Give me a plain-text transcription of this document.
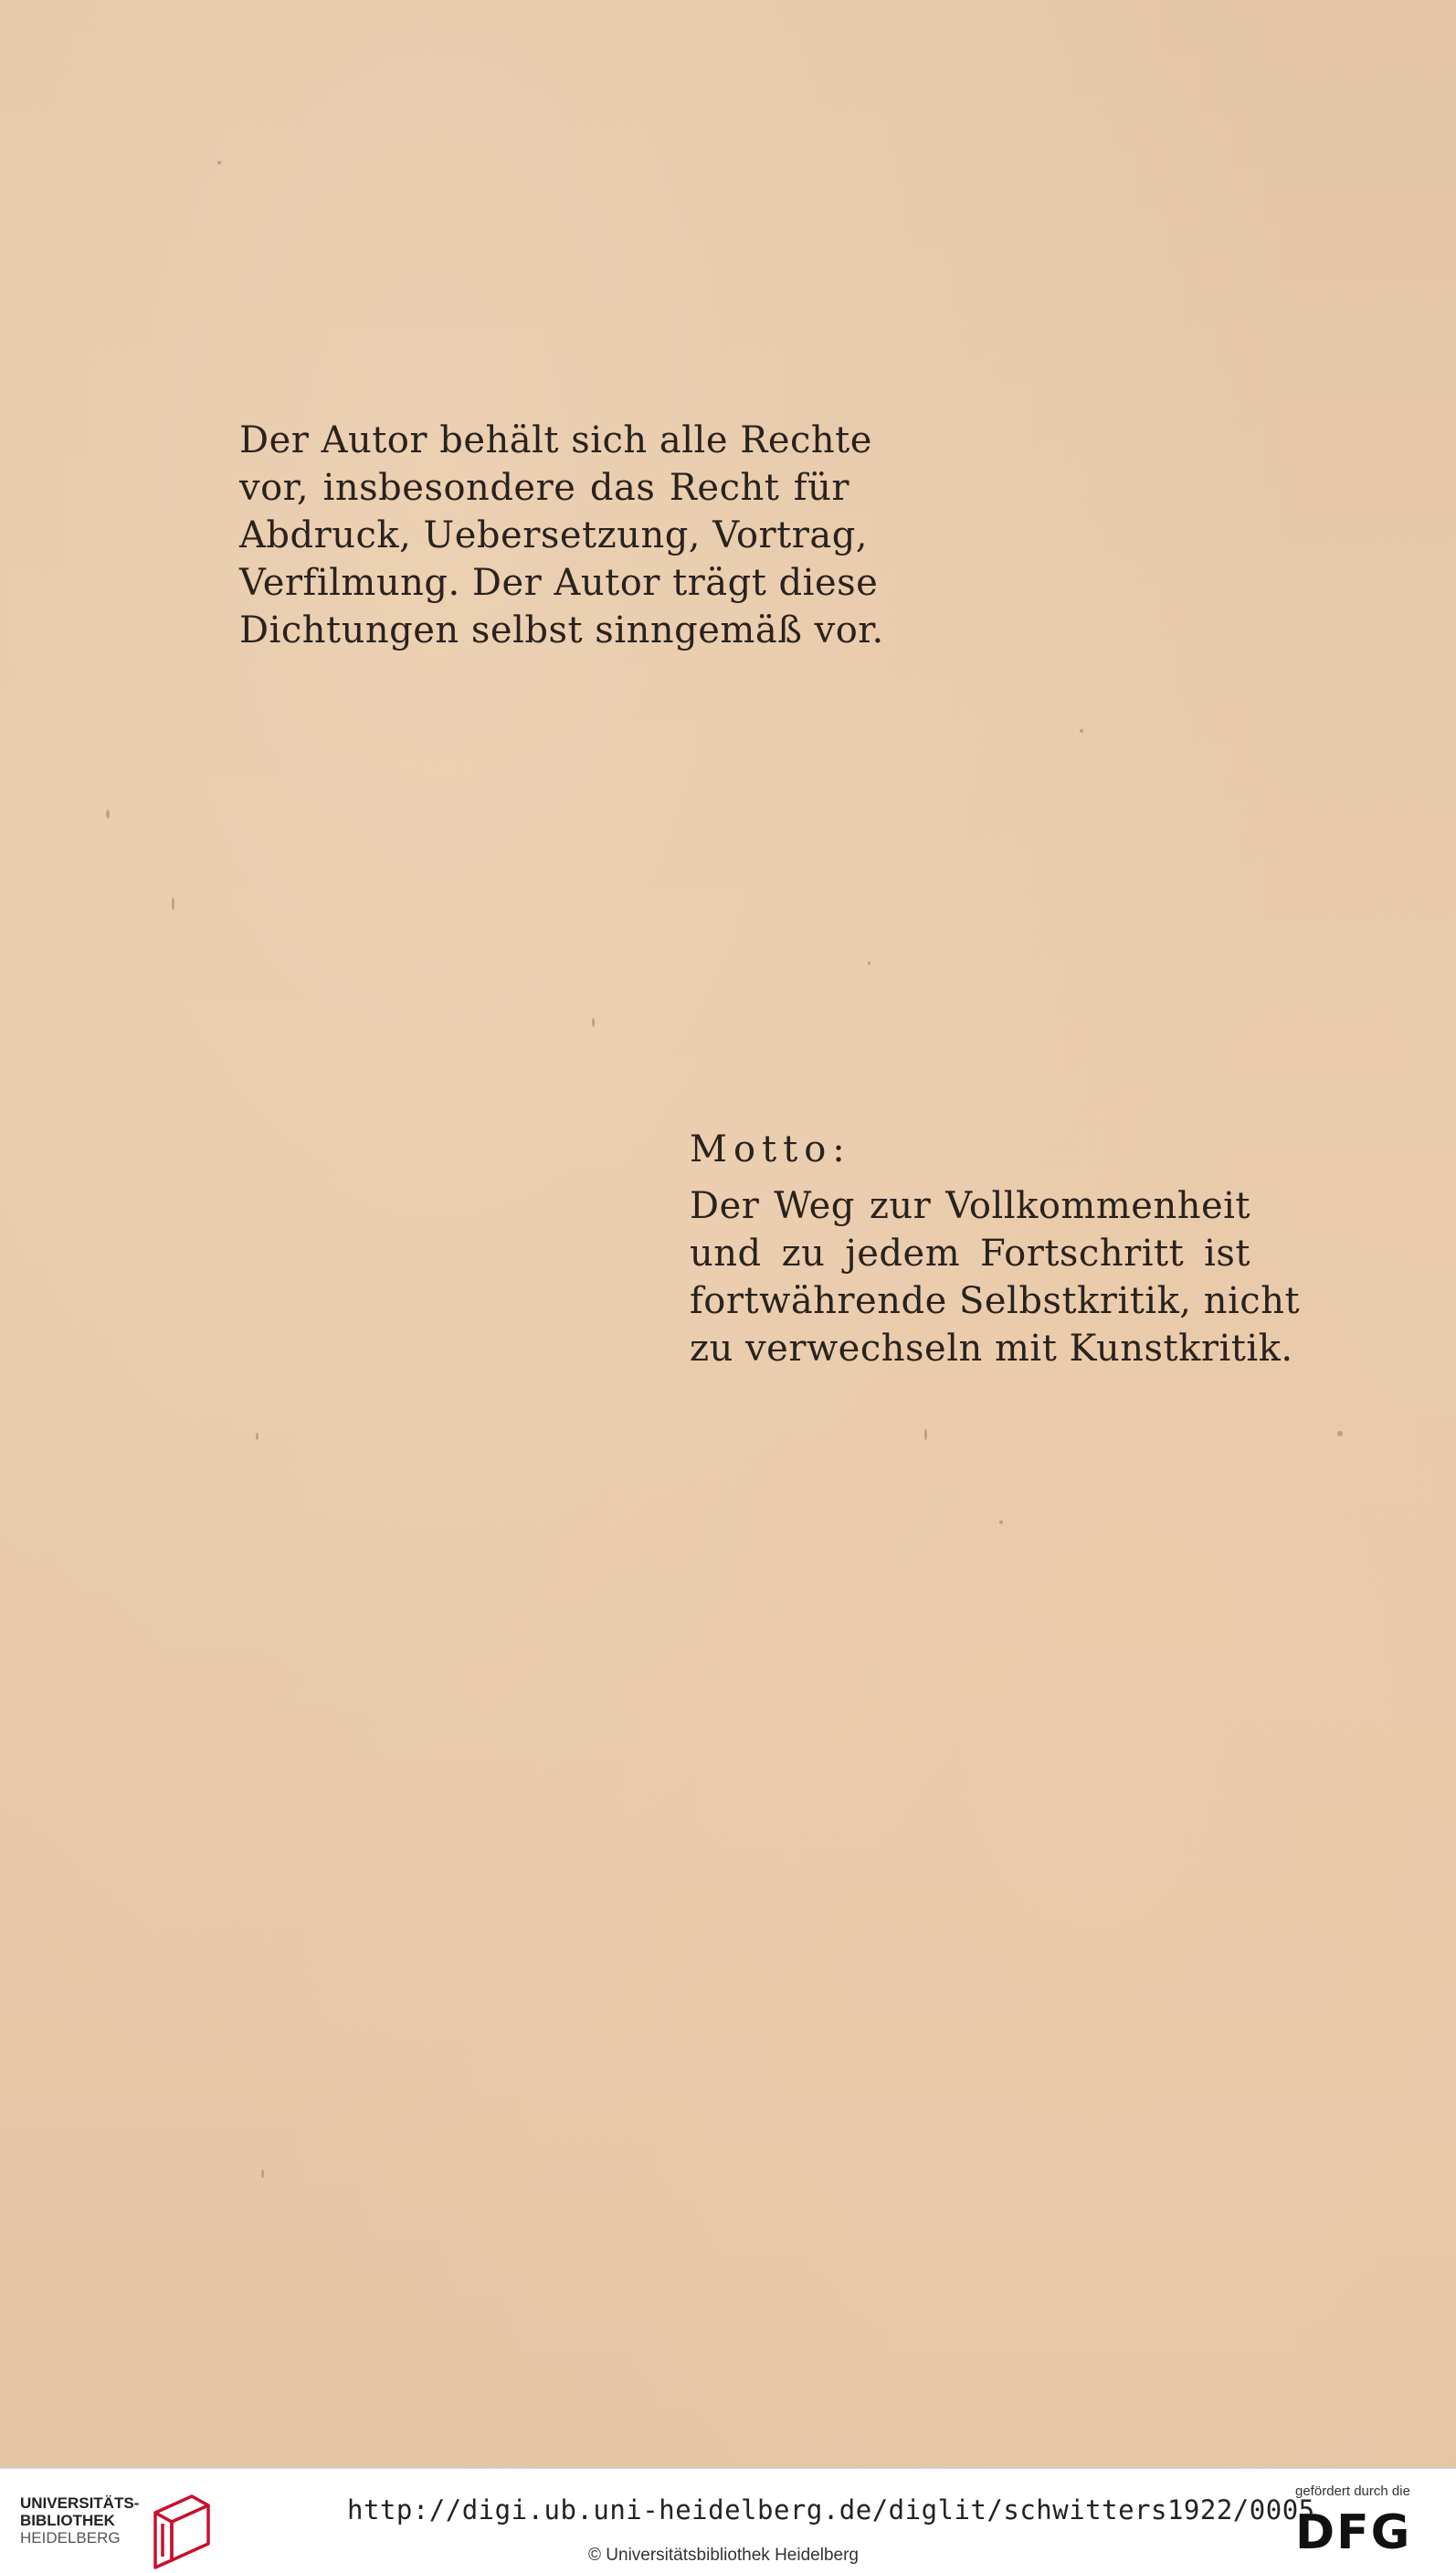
Der Autor behält sich alle Rechte
vor, insbesondere das Recht für
Abdruck, Uebersetzung, Vortrag,
Verfilmung. Der Autor trägt diese
Dichtungen selbst sinngemäß vor.
Motto:
Der Weg zur Vollkommenheit
und zu jedem Fortschritt ist
fortwährende Selbstkritik, nicht
zu verwechseln mit Kunstkritik.
UNIVERSITÄTS-
BIBLIOTHEK
HEIDELBERG
http://digi.ub.uni-heidelberg.de/diglit/schwitters1922/0005
© Universitätsbibliothek Heidelberg
gefördert durch die
DFG
